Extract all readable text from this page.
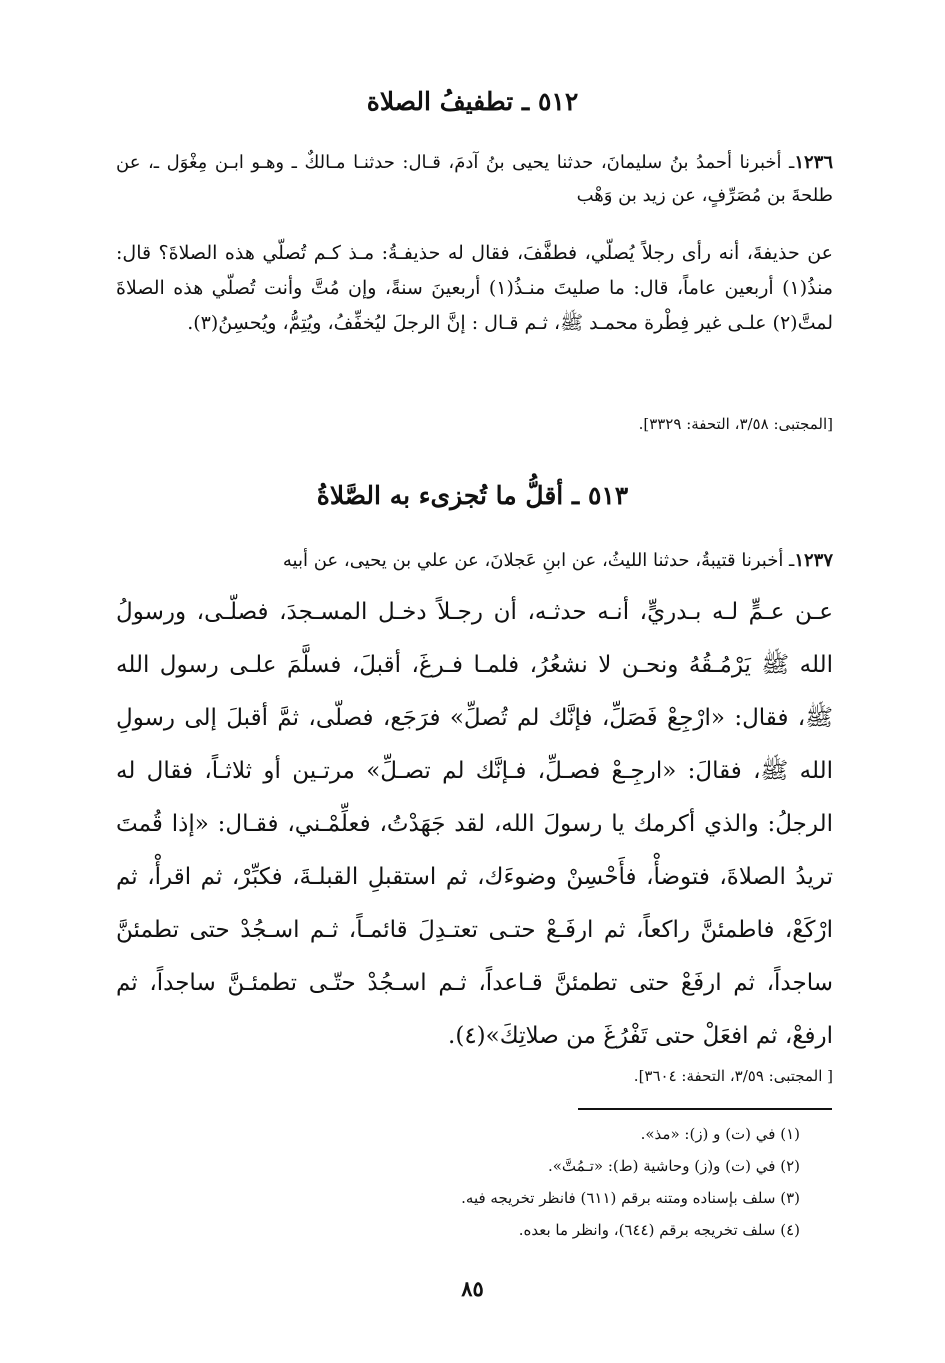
٥١٢ ـ تطفيفُ الصلاة

١٢٣٦ـ أخبرنا أحمدُ بنُ سليمانَ، حدثنا يحيى بنُ آدمَ، قـال: حدثنـا مـالكٌ ـ وهـو ابـن مِغْوَل ـ، عن طلحةَ بن مُصَرِّفٍ، عن زيد بن وَهْب

عن حذيفةَ، أنه رأى رجلاً يُصلّي، فطفَّفَ، فقال له حذيفـةُ: مـذ كـم تُصلّي هذه الصلاةَ؟ قال: منذُ(١) أربعين عاماً، قال: ما صليتَ منـذُ(١) أربعينَ سنةً، وإن مُتَّ وأنت تُصلّي هذه الصلاةَ لمتَّ(٢) علـى غير فِطْرة محمـد ﷺ، ثـم قـال : إنَّ الرجلَ ليُخفِّفُ، ويُتِمُّ، ويُحسِنُ(٣).

[المجتبى: ٣/٥٨، التحفة: ٣٣٢٩].

٥١٣ ـ أقلُّ ما تُجزىء به الصَّلاةُ

١٢٣٧ـ أخبرنا قتيبةُ، حدثنا الليثُ، عن ابنِ عَجلانَ، عن علي بن يحيى، عن أبيه

عـن عـمٍّ لـه بـدريٍّ، أنـه حدثـه، أن رجـلاً دخـل المسـجدَ، فصلّـى، ورسولُ الله ﷺ يَرْمُـقُهُ ونحـن لا نشعُرُ، فلمـا فـرغَ، أقبلَ، فسلَّمَ علـى رسول الله ﷺ، فقال: «ارْجِعْ فَصَلِّ، فإنَّك لم تُصلِّ» فرَجَع، فصلّى، ثمَّ أقبلَ إلى رسولِ الله ﷺ، فقالَ: «ارجِـعْ فصـلِّ، فـإنَّك لم تصـلِّ» مرتـين أو ثلاثـاً، فقال له الرجلُ: والذي أكرمك يا رسولَ الله، لقد جَهَدْتُ، فعلِّمْـني، فقـال: «إذا قُمتَ تريدُ الصلاةَ، فتوضأْ، فأَحْسِنْ وضوءَك، ثم استقبلِ القبلـةَ، فكبِّرْ، ثم اقرأْ، ثم ارْكَعْ، فاطمئنَّ راكعاً، ثم ارفَـعْ حتـى تعتـدِلَ قائمـاً، ثـم اسـجُدْ حتى تطمئنَّ ساجداً، ثم ارفَعْ حتى تطمئنَّ قـاعداً، ثـم اسـجُدْ حتّـى تطمئـنَّ ساجداً، ثم ارفعْ، ثم افعَلْ حتى تَفْرُغَ من صلاتِكَ»(٤).

[ المجتبى: ٣/٥٩، التحفة: ٣٦٠٤].

(١) في (ت) و (ز): «مذ».
(٢) في (ت) و(ز) وحاشية (ط): «تـمُتَّ».
(٣) سلف بإسناده ومتنه برقم (٦١١) فانظر تخريجه فيه.
(٤) سلف تخريجه برقم (٦٤٤)، وانظر ما بعده.
٨٥
